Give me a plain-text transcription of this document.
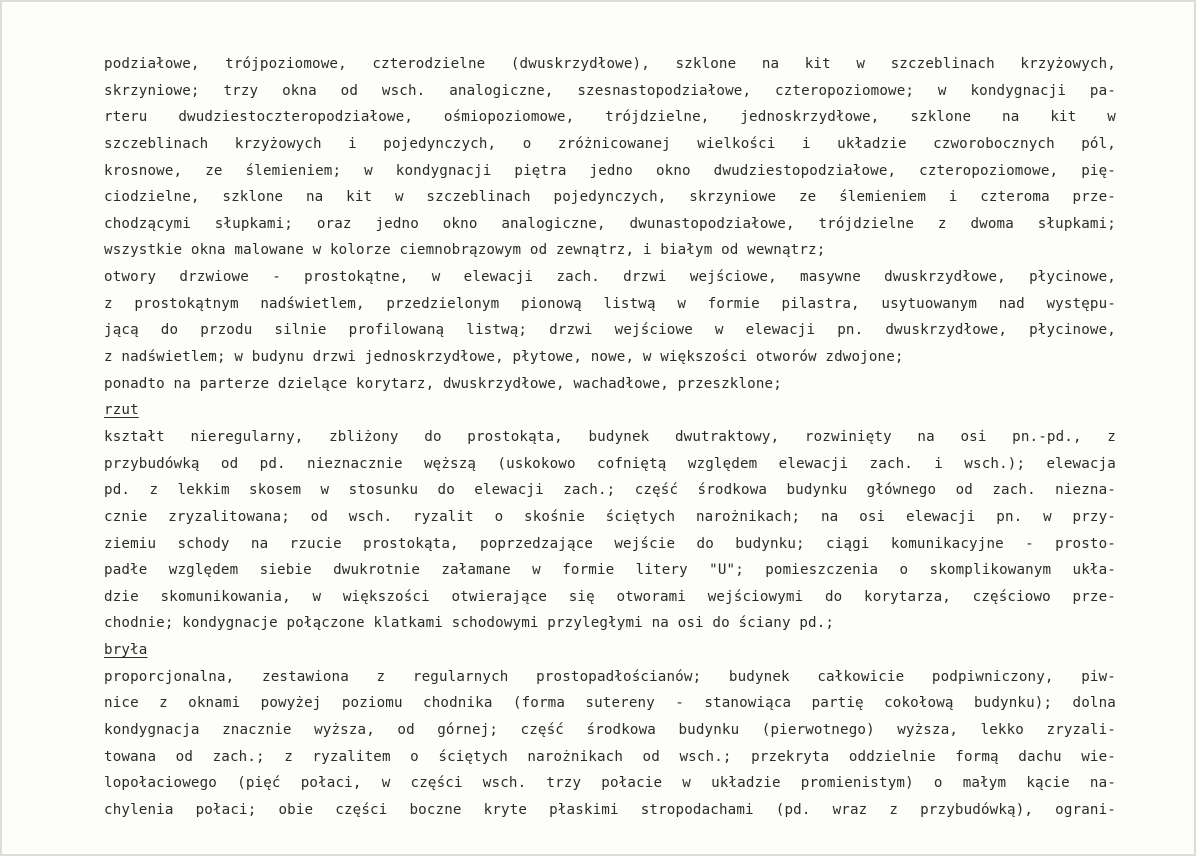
podziałowe, trójpoziomowe, czterodzielne (dwuskrzydłowe), szklone na kit w szczeblinach krzyżowych,
skrzyniowe; trzy okna od wsch. analogiczne, szesnastopodziałowe, czteropoziomowe; w kondygnacji pa-
rteru dwudziestoczteropodziałowe, ośmiopoziomowe, trójdzielne, jednoskrzydłowe, szklone na kit w
szczeblinach krzyżowych i pojedynczych, o zróżnicowanej wielkości i układzie czworobocznych pól,
krosnowe, ze ślemieniem; w kondygnacji piętra jedno okno dwudziestopodziałowe, czteropoziomowe, pię-
ciodzielne, szklone na kit w szczeblinach pojedynczych, skrzyniowe ze ślemieniem i czteroma prze-
chodzącymi słupkami; oraz jedno okno analogiczne, dwunastopodziałowe, trójdzielne z dwoma słupkami;
wszystkie okna malowane w kolorze ciemnobrązowym od zewnątrz, i białym od wewnątrz;
otwory drzwiowe - prostokątne, w elewacji zach. drzwi wejściowe, masywne dwuskrzydłowe, płycinowe,
z prostokątnym nadświetlem, przedzielonym pionową listwą w formie pilastra, usytuowanym nad występu-
jącą do przodu silnie profilowaną listwą; drzwi wejściowe w elewacji pn. dwuskrzydłowe, płycinowe,
z nadświetlem; w budynu drzwi jednoskrzydłowe, płytowe, nowe, w większości otworów zdwojone;
ponadto na parterze dzielące korytarz, dwuskrzydłowe, wachadłowe, przeszklone;
rzut
kształt nieregularny, zbliżony do prostokąta, budynek dwutraktowy, rozwinięty na osi pn.-pd., z
przybudówką od pd. nieznacznie węższą (uskokowo cofniętą względem elewacji zach. i wsch.); elewacja
pd. z lekkim skosem w stosunku do elewacji zach.; część środkowa budynku głównego od zach. nieznа-
cznie zryzalitowana; od wsch. ryzalit o skośnie ściętych narożnikach; na osi elewacji pn. w przy-
ziemiu schody na rzucie prostokąta, poprzedzające wejście do budynku; ciągi komunikacyjne - prosto-
padłe względem siebie dwukrotnie załamane w formie litery "U"; pomieszczenia o skomplikowanym ukła-
dzie skomunikowania, w większości otwierające się otworami wejściowymi do korytarza, częściowo prze-
chodnie; kondygnacje połączone klatkami schodowymi przyległymi na osi do ściany pd.;
bryła
proporcjonalna, zestawiona z regularnych prostopadłościanów; budynek całkowicie podpiwniczony, piw-
nice z oknami powyżej poziomu chodnika (forma sutereny - stanowiąca partię cokołową budynku); dolna
kondygnacja znacznie wyższa, od górnej; część środkowa budynku (pierwotnego) wyższa, lekko zryzali-
towana od zach.; z ryzalitem o ściętych narożnikach od wsch.; przekryta oddzielnie formą dachu wie-
lopołaciowego (pięć połaci, w części wsch. trzy połacie w układzie promienistym) o małym kącie na-
chylenia połaci; obie części boczne kryte płaskimi stropodachami (pd. wraz z przybudówką), ograni-
